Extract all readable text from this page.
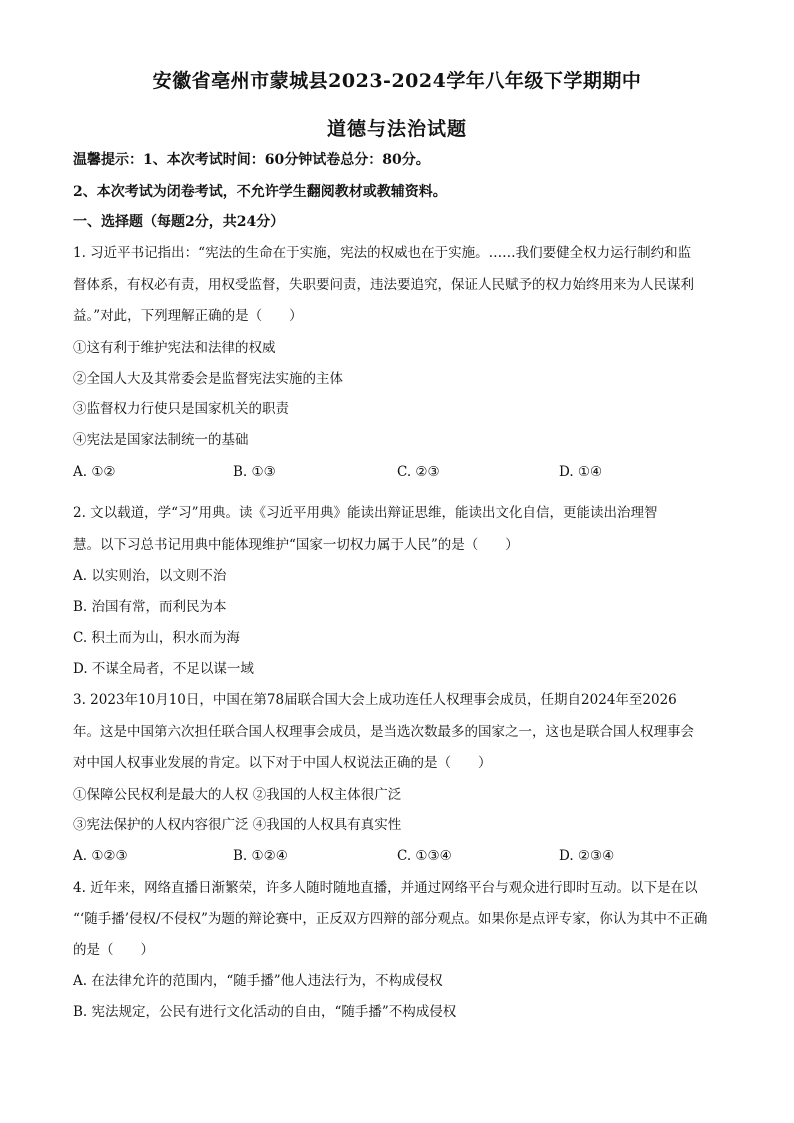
安徽省亳州市蒙城县2023-2024学年八年级下学期期中
道德与法治试题
温馨提示：1、本次考试时间：60分钟试卷总分：80分。
2、本次考试为闭卷考试，不允许学生翻阅教材或教辅资料。
一、选择题（每题2分，共24分）
1. 习近平书记指出：“宪法的生命在于实施，宪法的权威也在于实施。……我们要健全权力运行制约和监
督体系，有权必有责，用权受监督，失职要问责，违法要追究，保证人民赋予的权力始终用来为人民谋利
益。”对此，下列理解正确的是（　　）
①这有利于维护宪法和法律的权威
②全国人大及其常委会是监督宪法实施的主体
③监督权力行使只是国家机关的职责
④宪法是国家法制统一的基础
A. ①②	B. ①③	C. ②③	D. ①④
2. 文以载道，学“习”用典。读《习近平用典》能读出辩证思维，能读出文化自信，更能读出治理智
慧。以下习总书记用典中能体现维护“国家一切权力属于人民”的是（　　）
A. 以实则治，以文则不治
B. 治国有常，而利民为本
C. 积土而为山，积水而为海
D. 不谋全局者，不足以谋一域
3. 2023年10月10日，中国在第78届联合国大会上成功连任人权理事会成员，任期自2024年至2026
年。这是中国第六次担任联合国人权理事会成员，是当选次数最多的国家之一，这也是联合国人权理事会
对中国人权事业发展的肯定。以下对于中国人权说法正确的是（　　）
①保障公民权利是最大的人权 ②我国的人权主体很广泛
③宪法保护的人权内容很广泛 ④我国的人权具有真实性
A. ①②③	B. ①②④	C. ①③④	D. ②③④
4. 近年来，网络直播日渐繁荣，许多人随时随地直播，并通过网络平台与观众进行即时互动。以下是在以
“‘随手播’侵权/不侵权”为题的辩论赛中，正反双方四辩的部分观点。如果你是点评专家，你认为其中不正确
的是（　　）
A. 在法律允许的范围内，“随手播”他人违法行为，不构成侵权
B. 宪法规定，公民有进行文化活动的自由，“随手播”不构成侵权
